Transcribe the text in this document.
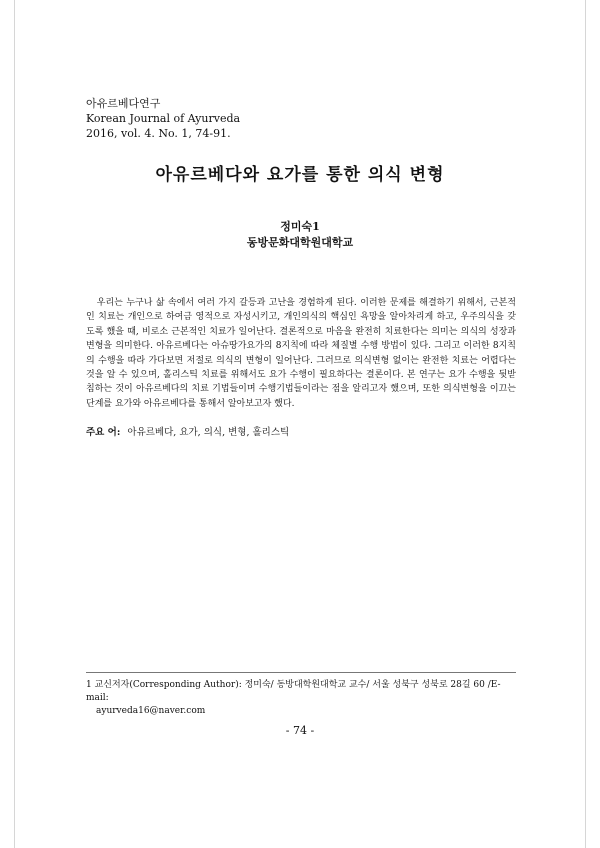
아유르베다연구
Korean Journal of Ayurveda
2016, vol. 4. No. 1, 74-91.
아유르베다와 요가를 통한 의식 변형
정미숙1
동방문화대학원대학교
우리는 누구나 삶 속에서 여러 가지 갈등과 고난을 경험하게 된다. 이러한 문제를 해결하기 위해서, 근본적인 치료는 개인으로 하여금 영적으로 자성시키고, 개인의식의 핵심인 욕망을 알아차리게 하고, 우주의식을 갖도록 했을 때, 비로소 근본적인 치료가 일어난다. 결론적으로 마음을 완전히 치료한다는 의미는 의식의 성장과 변형을 의미한다. 아유르베다는 아슈땅가요가의 8지칙에 따라 체질별 수행 방법이 있다. 그리고 이러한 8지칙의 수행을 따라 가다보면 저절로 의식의 변형이 일어난다. 그러므로 의식변형 없이는 완전한 치료는 어렵다는 것을 알 수 있으며, 홀리스틱 치료를 위해서도 요가 수행이 필요하다는 결론이다. 본 연구는 요가 수행을 뒷받침하는 것이 아유르베다의 치료 기법들이며 수행기법들이라는 점을 알리고자 했으며, 또한 의식변형을 이끄는 단계를 요가와 아유르베다를 통해서 알아보고자 했다.
주요 어: 아유르베다, 요가, 의식, 변형, 홀리스틱
1 교신저자(Corresponding Author): 정미숙/ 동방대학원대학교 교수/ 서울 성북구 성북로 28길 60 /E-mail:
ayurveda16@naver.com
- 74 -
